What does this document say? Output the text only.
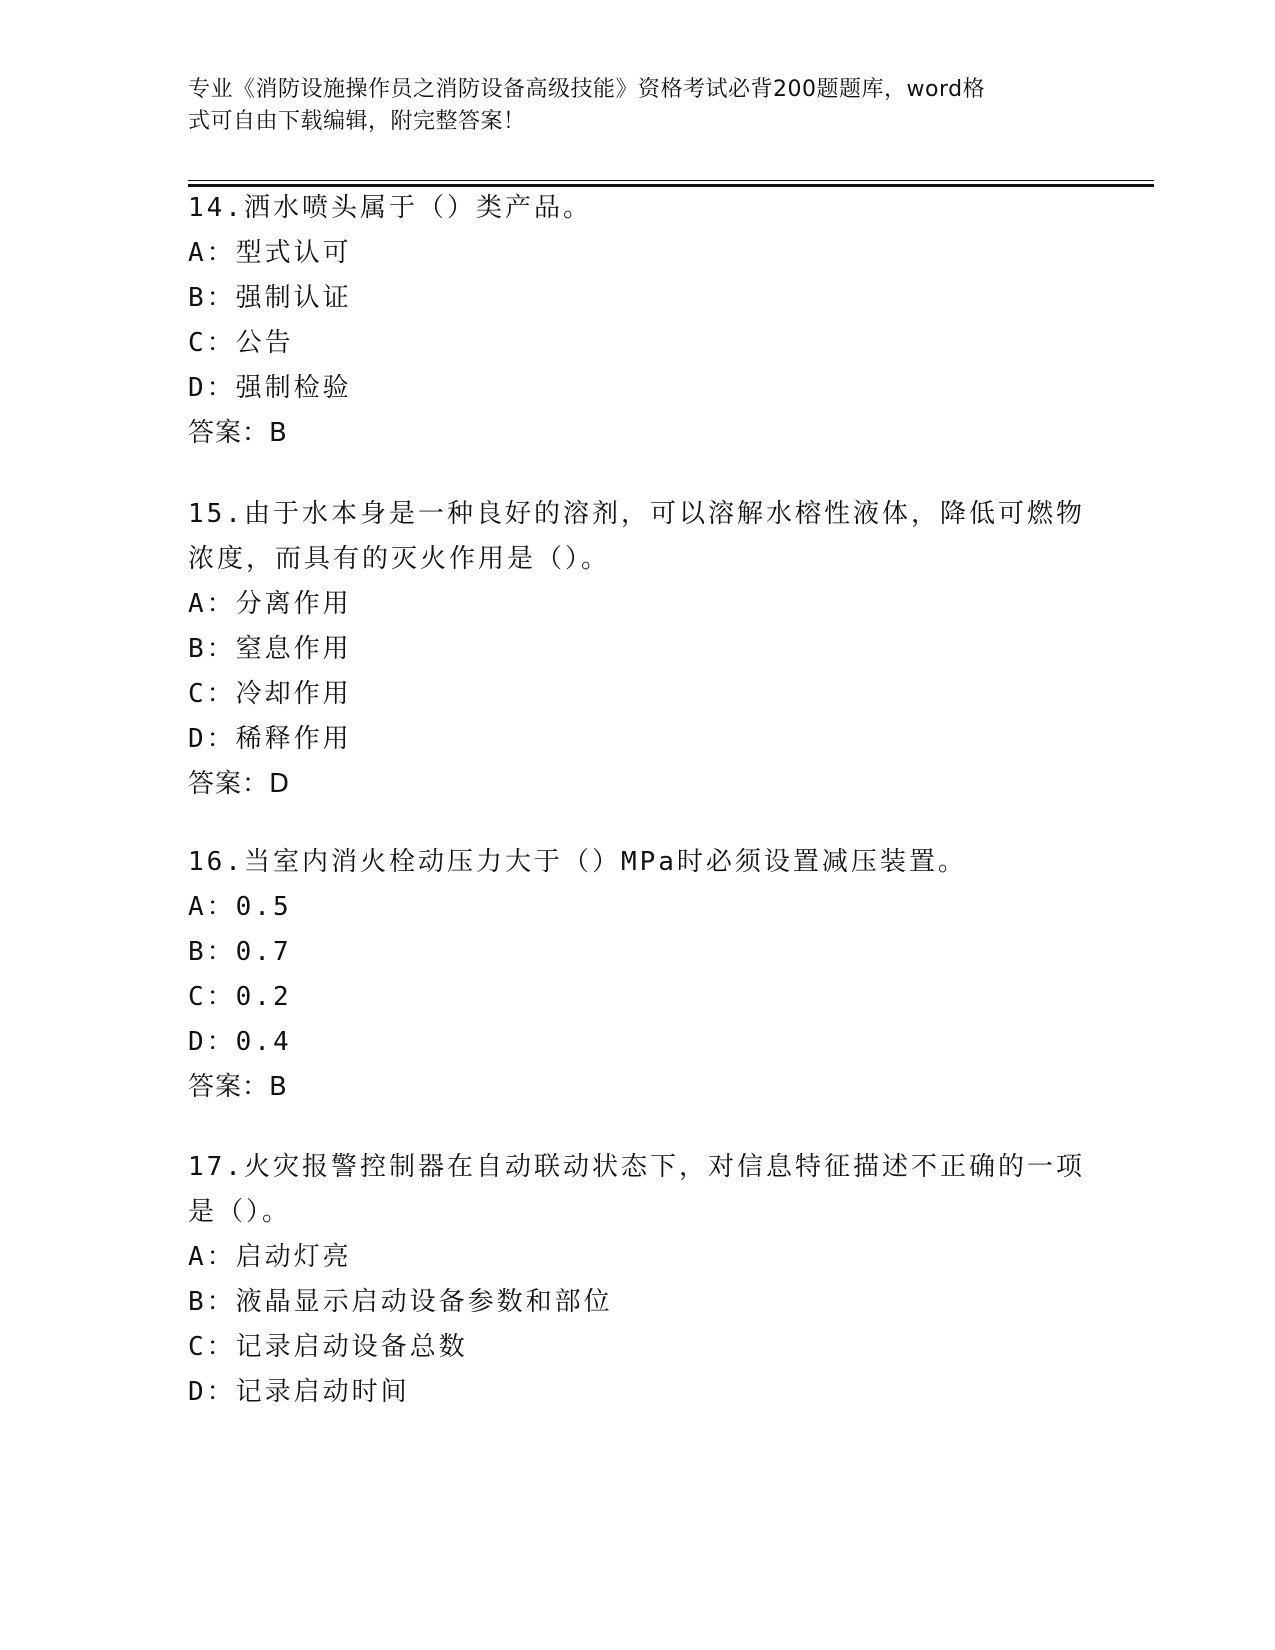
专业《消防设施操作员之消防设备高级技能》资格考试必背200题题库，word格
式可自由下载编辑，附完整答案！
14.洒水喷头属于（）类产品。
A：型式认可
B：强制认证
C：公告
D：强制检验
答案：B
15.由于水本身是一种良好的溶剂，可以溶解水榕性液体，降低可燃物
浓度，而具有的灭火作用是（）。
A：分离作用
B：窒息作用
C：冷却作用
D：稀释作用
答案：D
16.当室内消火栓动压力大于（）MPa时必须设置减压装置。
A：0.5
B：0.7
C：0.2
D：0.4
答案：B
17.火灾报警控制器在自动联动状态下，对信息特征描述不正确的一项
是（）。
A：启动灯亮
B：液晶显示启动设备参数和部位
C：记录启动设备总数
D：记录启动时间
